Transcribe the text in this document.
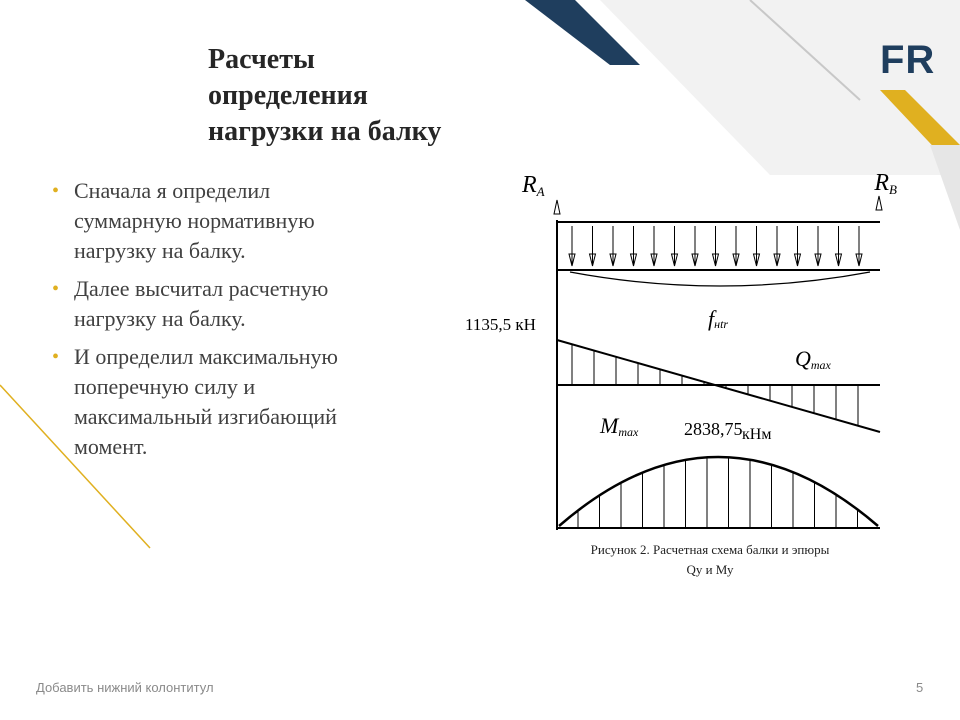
FR
Расчеты
определения
нагрузки на балку
• Сначала я определил
суммарную нормативную
нагрузку на балку.
• Далее высчитал расчетную
нагрузку на балку.
• И определил максимальную
поперечную силу и
максимальный изгибающий
момент.
RA	RB
fнtr
1135,5 кН
Qmax
Mmax	2838,75 кНм
Рисунок 2. Расчетная схема балки и эпюры
Qу и Му
Добавить нижний колонтитул	5
